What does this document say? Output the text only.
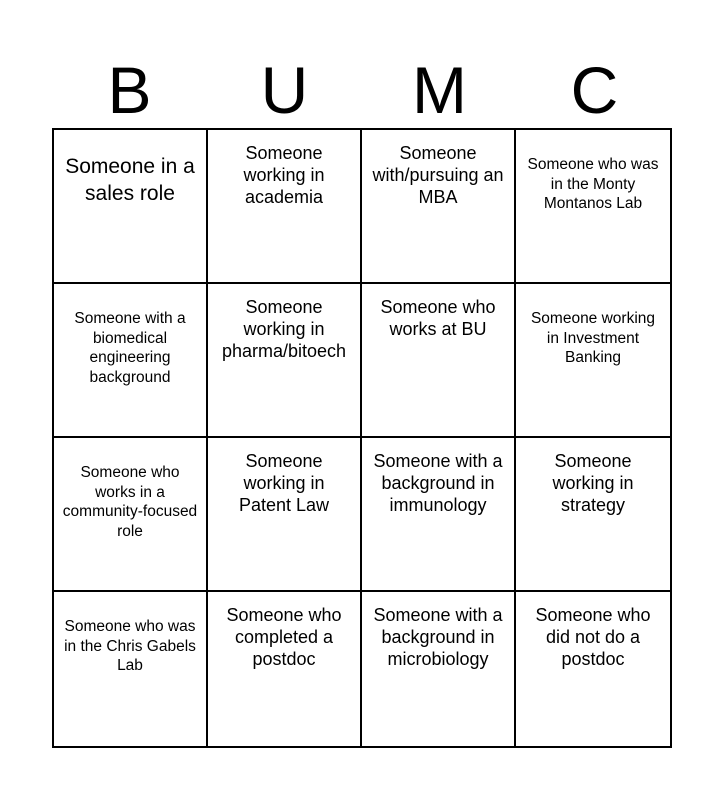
B	U	M	C
Someone in a sales role
Someone working in academia
Someone with/pursuing an MBA
Someone who was in the Monty Montanos Lab
Someone with a biomedical engineering background
Someone working in pharma/bitoech
Someone who works at BU
Someone working in Investment Banking
Someone who works in a community-focused role
Someone working in Patent Law
Someone with a background in immunology
Someone working in strategy
Someone who was in the Chris Gabels Lab
Someone who completed a postdoc
Someone with a background in microbiology
Someone who did not do a postdoc
